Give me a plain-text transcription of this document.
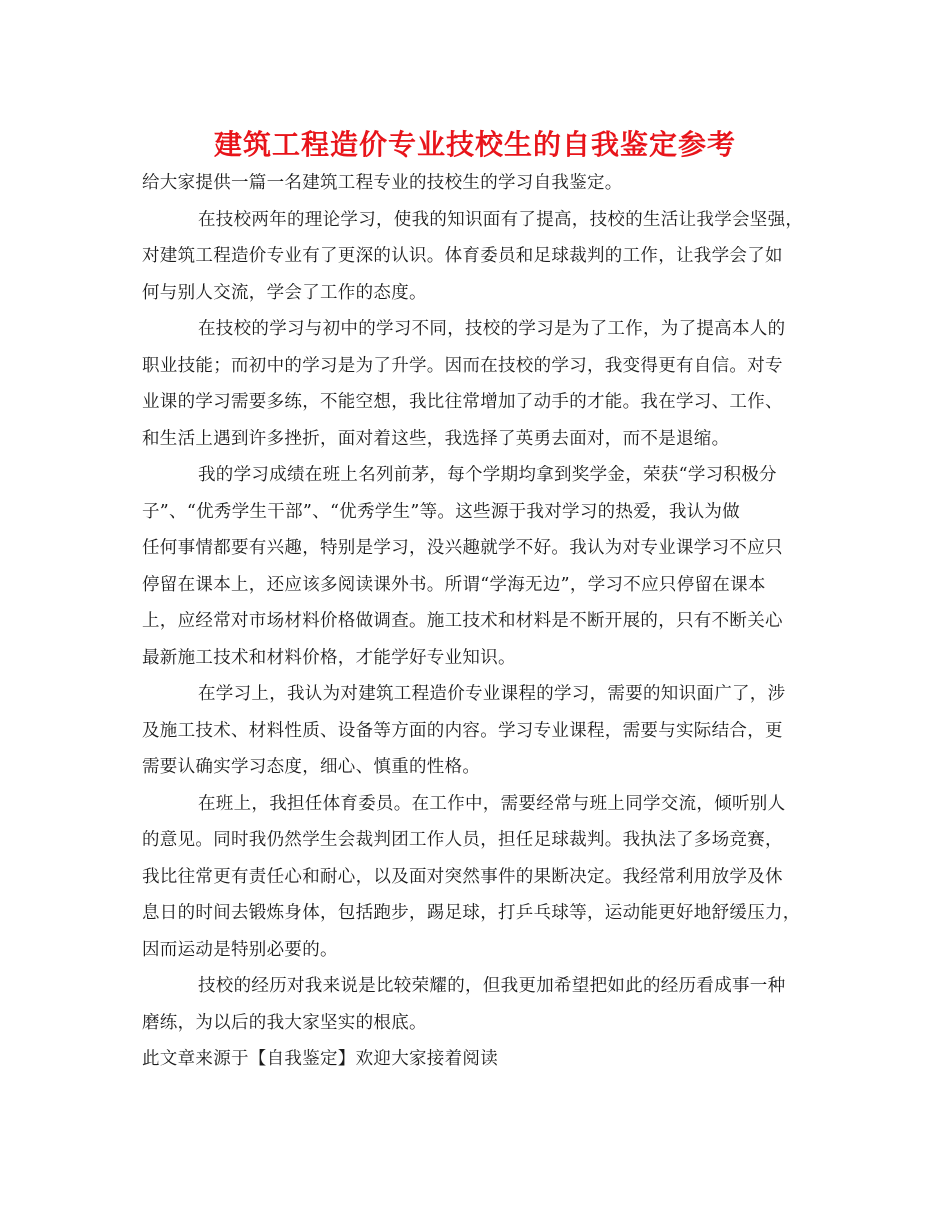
建筑工程造价专业技校生的自我鉴定参考
给大家提供一篇一名建筑工程专业的技校生的学习自我鉴定。
在技校两年的理论学习，使我的知识面有了提高，技校的生活让我学会坚强，
对建筑工程造价专业有了更深的认识。体育委员和足球裁判的工作，让我学会了如
何与别人交流，学会了工作的态度。
在技校的学习与初中的学习不同，技校的学习是为了工作，为了提高本人的
职业技能；而初中的学习是为了升学。因而在技校的学习，我变得更有自信。对专
业课的学习需要多练，不能空想，我比往常增加了动手的才能。我在学习、工作、
和生活上遇到许多挫折，面对着这些，我选择了英勇去面对，而不是退缩。
我的学习成绩在班上名列前茅，每个学期均拿到奖学金，荣获“学习积极分
子”、“优秀学生干部”、“优秀学生”等。这些源于我对学习的热爱，我认为做
任何事情都要有兴趣，特别是学习，没兴趣就学不好。我认为对专业课学习不应只
停留在课本上，还应该多阅读课外书。所谓“学海无边”，学习不应只停留在课本
上，应经常对市场材料价格做调查。施工技术和材料是不断开展的，只有不断关心
最新施工技术和材料价格，才能学好专业知识。
在学习上，我认为对建筑工程造价专业课程的学习，需要的知识面广了，涉
及施工技术、材料性质、设备等方面的内容。学习专业课程，需要与实际结合，更
需要认确实学习态度，细心、慎重的性格。
在班上，我担任体育委员。在工作中，需要经常与班上同学交流，倾听别人
的意见。同时我仍然学生会裁判团工作人员，担任足球裁判。我执法了多场竞赛，
我比往常更有责任心和耐心，以及面对突然事件的果断决定。我经常利用放学及休
息日的时间去锻炼身体，包括跑步，踢足球，打乒乓球等，运动能更好地舒缓压力，
因而运动是特别必要的。
技校的经历对我来说是比较荣耀的，但我更加希望把如此的经历看成事一种
磨练，为以后的我大家坚实的根底。
此文章来源于【自我鉴定】欢迎大家接着阅读
